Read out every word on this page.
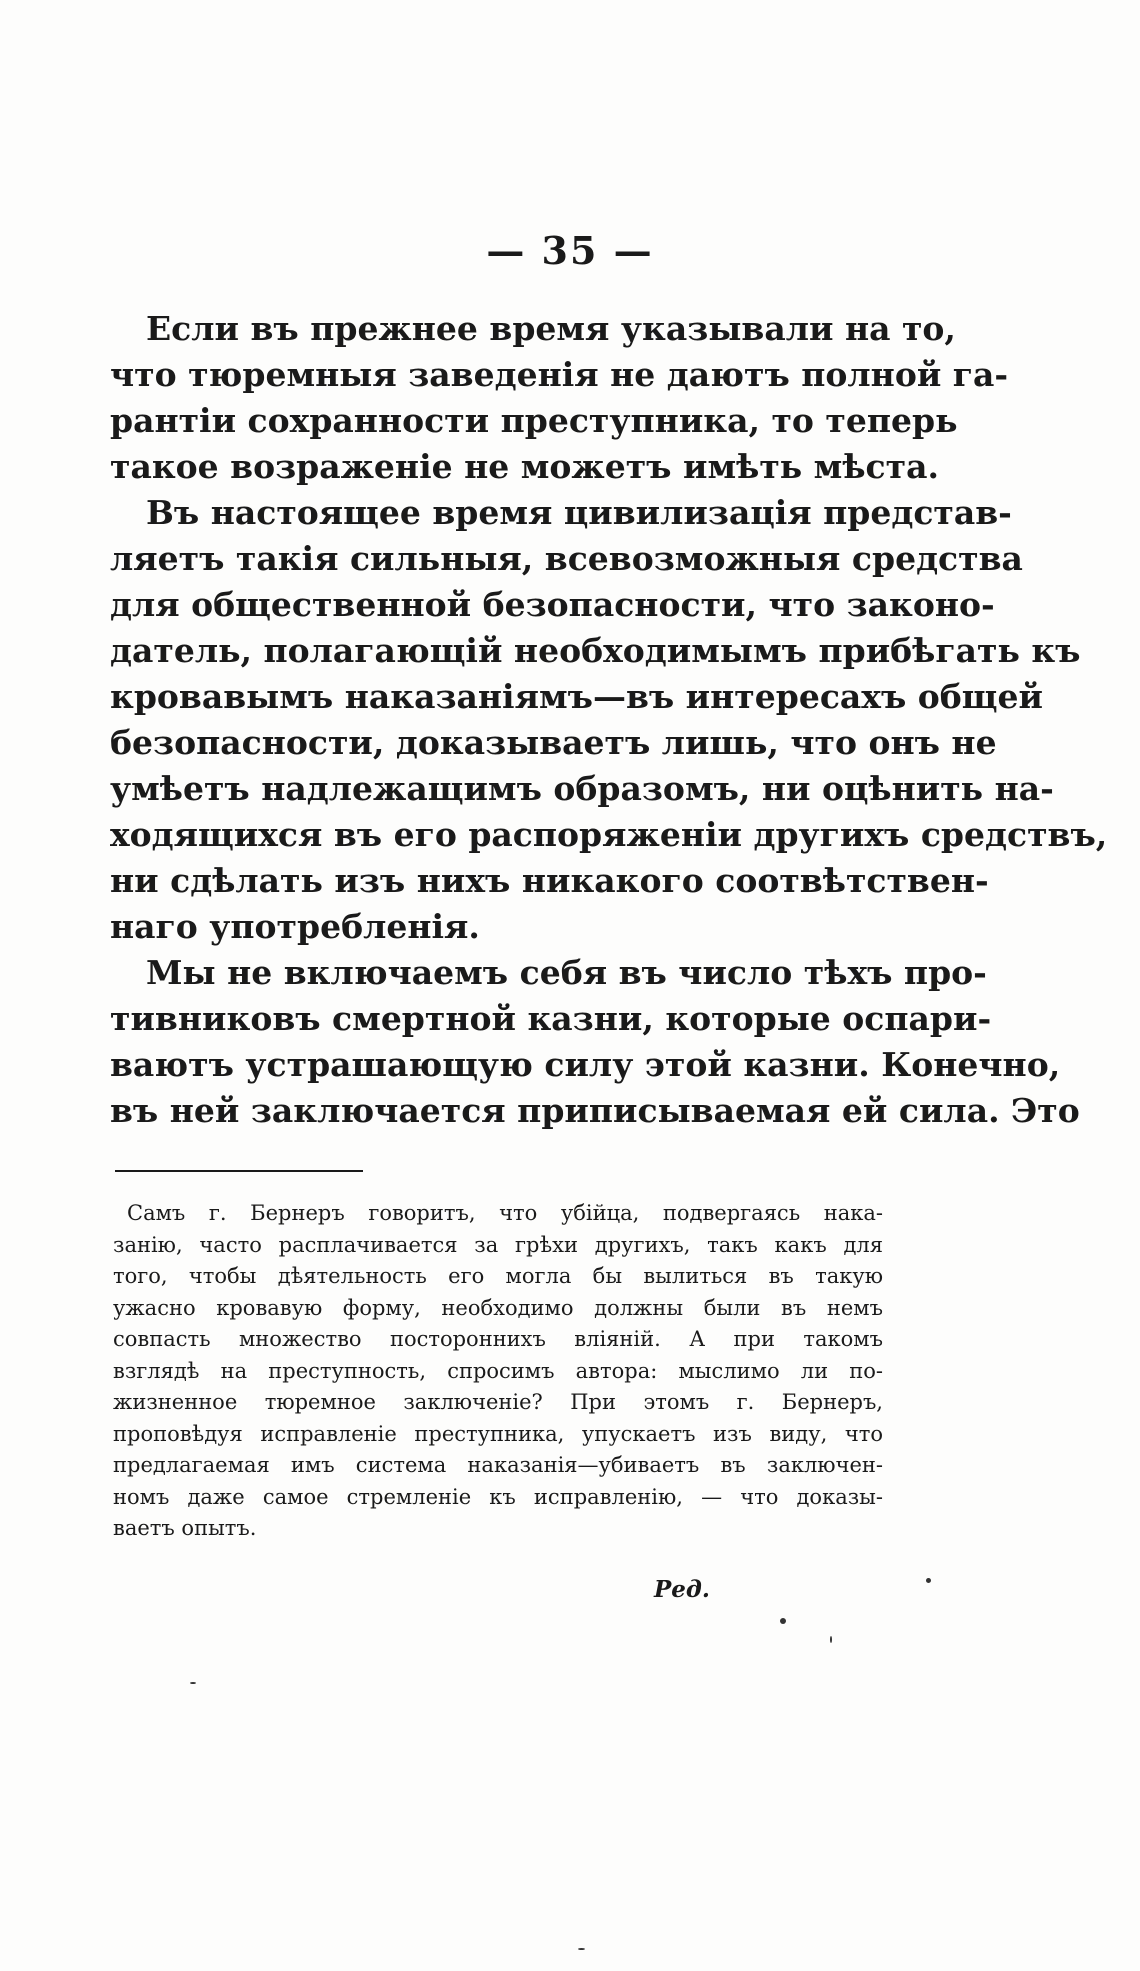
— 35 —
Если въ прежнее время указывали на то,
что тюремныя заведенія не даютъ полной га-
рантіи сохранности преступника, то теперь
такое возраженіе не можетъ имѣть мѣста.
Въ настоящее время цивилизація представ-
ляетъ такія сильныя, всевозможныя средства
для общественной безопасности, что законо-
датель, полагающій необходимымъ прибѣгать къ
кровавымъ наказаніямъ—въ интересахъ общей
безопасности, доказываетъ лишь, что онъ не
умѣетъ надлежащимъ образомъ, ни оцѣнить на-
ходящихся въ его распоряженіи другихъ средствъ,
ни сдѣлать изъ нихъ никакого соотвѣтствен-
наго употребленія.
Мы не включаемъ себя въ число тѣхъ про-
тивниковъ смертной казни, которые оспари-
ваютъ устрашающую силу этой казни. Конечно,
въ ней заключается приписываемая ей сила. Это
Самъ г. Бернеръ говоритъ, что убійца, подвергаясь нака-
занію, часто расплачивается за грѣхи другихъ, такъ какъ для
того, чтобы дѣятельность его могла бы вылиться въ такую
ужасно кровавую форму, необходимо должны были въ немъ
совпасть множество постороннихъ вліяній. А при такомъ
взглядѣ на преступность, спросимъ автора: мыслимо ли по-
жизненное тюремное заключеніе? При этомъ г. Бернеръ,
проповѣдуя исправленіе преступника, упускаетъ изъ виду, что
предлагаемая имъ система наказанія—убиваетъ въ заключен-
номъ даже самое стремленіе къ исправленію, — что доказы-
ваетъ опытъ.
Ред.
